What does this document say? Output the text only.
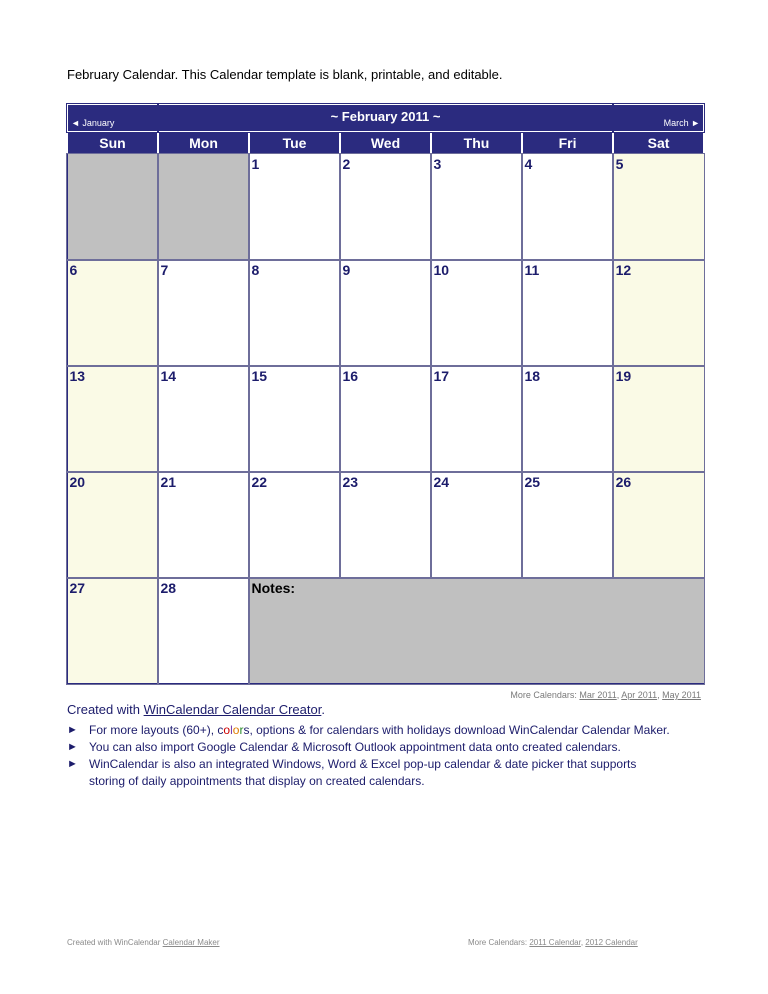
February Calendar. This Calendar template is blank, printable, and editable.
◄ January	~ February 2011 ~					March ►
Sun	Mon	Tue	Wed	Thu	Fri	Sat

		1	2	3	4	5

6	7	8	9	10	11	12

13	14	15	16	17	18	19

20	21	22	23	24	25	26

27	28	Notes:				
More Calendars: Mar 2011, Apr 2011, May 2011
Created with WinCalendar Calendar Creator.
► For more layouts (60+), colors, options & for calendars with holidays download WinCalendar Calendar Maker.
► You can also import Google Calendar & Microsoft Outlook appointment data onto created calendars.
► WinCalendar is also an integrated Windows, Word & Excel pop-up calendar & date picker that supports
storing of daily appointments that display on created calendars.
Created with WinCalendar Calendar Maker	More Calendars: 2011 Calendar, 2012 Calendar
